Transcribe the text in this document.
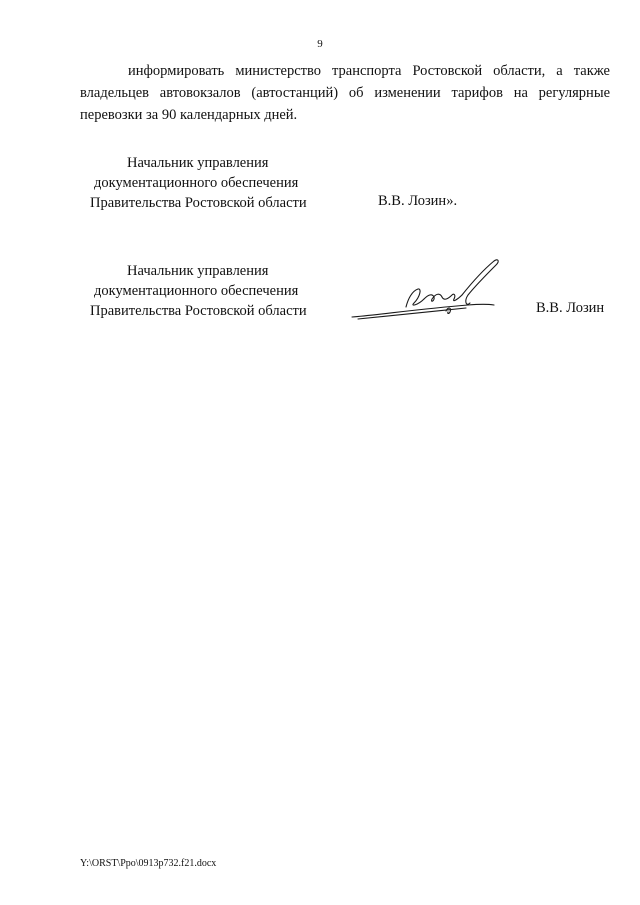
9
информировать министерство транспорта Ростовской области, а также
владельцев автовокзалов (автостанций) об изменении тарифов на регулярные
перевозки за 90 календарных дней.
Начальник управления
документационного обеспечения
Правительства Ростовской области	В.В. Лозин».
Начальник управления
документационного обеспечения
Правительства Ростовской области	В.В. Лозин
Y:\ORST\Ppo\0913p732.f21.docx
